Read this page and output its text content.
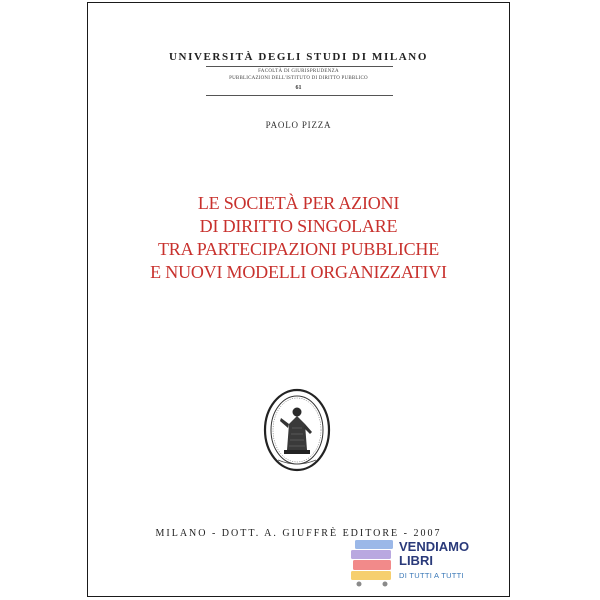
UNIVERSITÀ DEGLI STUDI DI MILANO
FACOLTÀ DI GIURISPRUDENZA
PUBBLICAZIONI DELL'ISTITUTO DI DIRITTO PUBBLICO
61
PAOLO PIZZA
LE SOCIETÀ PER AZIONI
DI DIRITTO SINGOLARE
TRA PARTECIPAZIONI PUBBLICHE
E NUOVI MODELLI ORGANIZZATIVI
MILANO - DOTT. A. GIUFFRÈ EDITORE - 2007
VENDIAMO
LIBRI
DI TUTTI A TUTTI
